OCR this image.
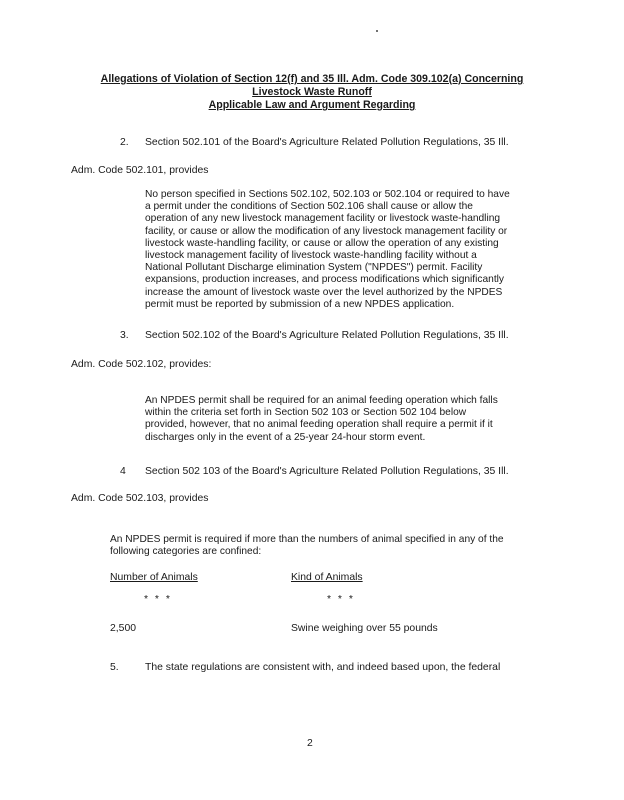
Allegations of Violation of Section 12(f) and 35 Ill. Adm. Code 309.102(a) Concerning
Livestock Waste Runoff
Applicable Law and Argument Regarding
2. Section 502.101 of the Board's Agriculture Related Pollution Regulations, 35 Ill.
Adm. Code 502.101, provides
No person specified in Sections 502.102, 502.103 or 502.104 or required to have
a permit under the conditions of Section 502.106 shall cause or allow the
operation of any new livestock management facility or livestock waste-handling
facility, or cause or allow the modification of any livestock management facility or
livestock waste-handling facility, or cause or allow the operation of any existing
livestock management facility of livestock waste-handling facility without a
National Pollutant Discharge elimination System ("NPDES") permit. Facility
expansions, production increases, and process modifications which significantly
increase the amount of livestock waste over the level authorized by the NPDES
permit must be reported by submission of a new NPDES application.
3. Section 502.102 of the Board's Agriculture Related Pollution Regulations, 35 Ill.
Adm. Code 502.102, provides:
An NPDES permit shall be required for an animal feeding operation which falls
within the criteria set forth in Section 502 103 or Section 502 104 below
provided, however, that no animal feeding operation shall require a permit if it
discharges only in the event of a 25-year 24-hour storm event.
4 Section 502 103 of the Board's Agriculture Related Pollution Regulations, 35 Ill.
Adm. Code 502.103, provides
An NPDES permit is required if more than the numbers of animal specified in any of the
following categories are confined:
Number of Animals	Kind of Animals
* * *	* * *
2,500	Swine weighing over 55 pounds
5.	The state regulations are consistent with, and indeed based upon, the federal
2
